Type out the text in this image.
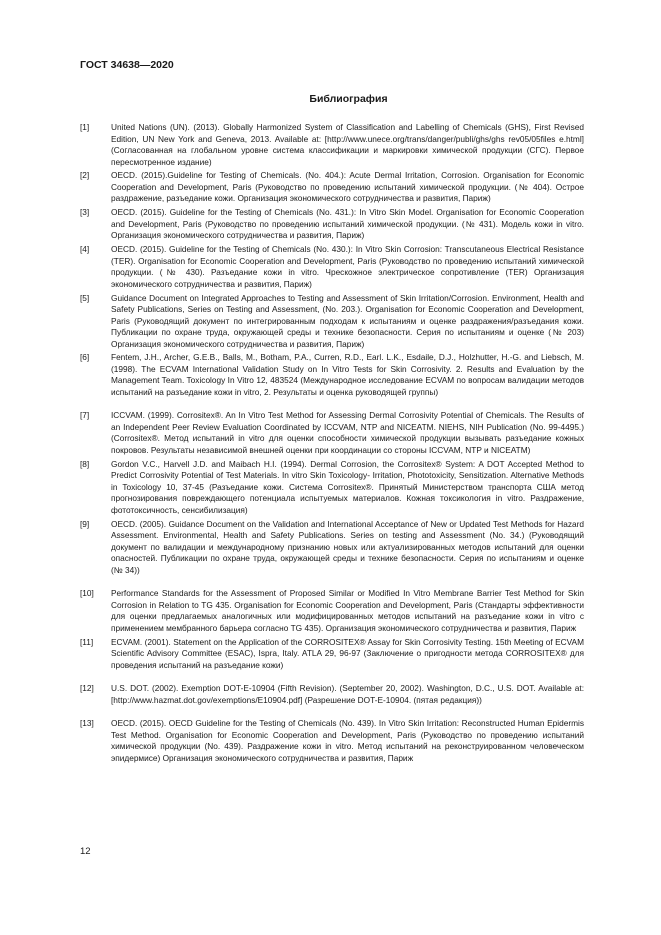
ГОСТ 34638—2020
Библиография
[1]	United Nations (UN). (2013). Globally Harmonized System of Classification and Labelling of Chemicals (GHS), First Revised Edition, UN New York and Geneva, 2013. Available at: [http://www.unece.org/trans/danger/publi/ghs/ghs rev05/05files e.html] (Согласованная на глобальном уровне система классификации и маркировки химической продукции (СГС). Первое пересмотренное издание)
[2]	OECD. (2015).Guideline for Testing of Chemicals. (No. 404.): Acute Dermal Irritation, Corrosion. Organisation for Economic Cooperation and Development, Paris (Руководство по проведению испытаний химической продукции. (№ 404). Острое раздражение, разъедание кожи. Организация экономического сотрудничества и развития, Париж)
[3]	OECD. (2015). Guideline for the Testing of Chemicals (No. 431.): In Vitro Skin Model. Organisation for Economic Cooperation and Development, Paris (Руководство по проведению испытаний химической продукции. (№ 431). Модель кожи in vitro. Организация экономического сотрудничества и развития, Париж)
[4]	OECD. (2015). Guideline for the Testing of Chemicals (No. 430.): In Vitro Skin Corrosion: Transcutaneous Electrical Resistance (TER). Organisation for Economic Cooperation and Development, Paris (Руководство по проведению испытаний химической продукции. (№ 430). Разъедание кожи in vitro. Чрескожное электрическое сопротивление (TER) Организация экономического сотрудничества и развития, Париж)
[5]	Guidance Document on Integrated Approaches to Testing and Assessment of Skin Irritation/Corrosion. Environment, Health and Safety Publications, Series on Testing and Assessment, (No. 203.). Organisation for Economic Cooperation and Development, Paris (Руководящий документ по интегрированным подходам к испытаниям и оценке раздражения/разъедания кожи. Публикации по охране труда, окружающей среды и технике безопасности. Серия по испытаниям и оценке (№ 203) Организация экономического сотрудничества и развития, Париж)
[6]	Fentem, J.H., Archer, G.E.B., Balls, M., Botham, P.A., Curren, R.D., Earl. L.K., Esdaile, D.J., Holzhutter, H.-G. and Liebsch, M. (1998). The ECVAM International Validation Study on In Vitro Tests for Skin Corrosivity. 2. Results and Evaluation by the Management Team. Toxicology In Vitro 12, 483524 (Международное исследование ECVAM по вопросам валидации методов испытаний на разъедание кожи in vitro, 2. Результаты и оценка руководящей группы)
[7]	ICCVAM. (1999). Corrositex®. An In Vitro Test Method for Assessing Dermal Corrosivity Potential of Chemicals. The Results of an Independent Peer Review Evaluation Coordinated by ICCVAM, NTP and NICEATM. NIEHS, NIH Publication (No. 99-4495.) (Corrositex®. Метод испытаний in vitro для оценки способности химической продукции вызывать разъедание кожных покровов. Результаты независимой внешней оценки при координации со стороны ICCVAM, NTP и NICEATM)
[8]	Gordon V.C., Harvell J.D. and Maibach H.I. (1994). Dermal Corrosion, the Corrositex® System: A DOT Accepted Method to Predict Corrosivity Potential of Test Materials. In vitro Skin Toxicology- Irritation, Phototoxicity, Sensitization. Alternative Methods in Toxicology 10, 37-45 (Разъедание кожи. Система Corrositex®. Принятый Министерством транспорта США метод прогнозирования повреждающего потенциала испытуемых материалов. Кожная токсикология in vitro. Раздражение, фототоксичность, сенсибилизация)
[9]	OECD. (2005). Guidance Document on the Validation and International Acceptance of New or Updated Test Methods for Hazard Assessment. Environmental, Health and Safety Publications. Series on testing and Assessment (No. 34.) (Руководящий документ по валидации и международному признанию новых или актуализированных методов испытаний для оценки опасностей. Публикации по охране труда, окружающей среды и технике безопасности. Серия по испытаниям и оценке (№ 34))
[10] Performance Standards for the Assessment of Proposed Similar or Modified In Vitro Membrane Barrier Test Method for Skin Corrosion in Relation to TG 435. Organisation for Economic Cooperation and Development, Paris (Стандарты эффективности для оценки предлагаемых аналогичных или модифицированных методов испытаний на разъедание кожи in vitro с применением мембранного барьера согласно TG 435). Организация экономического сотрудничества и развития, Париж
[11] ECVAM. (2001). Statement on the Application of the CORROSITEX® Assay for Skin Corrosivity Testing. 15th Meeting of ECVAM Scientific Advisory Committee (ESAC), Ispra, Italy. ATLA 29, 96-97 (Заключение о пригодности метода CORROSITEX® для проведения испытаний на разъедание кожи)
[12] U.S. DOT. (2002). Exemption DOT-E-10904 (Fifth Revision). (September 20, 2002). Washington, D.C., U.S. DOT. Available at: [http://www.hazmat.dot.gov/exemptions/E10904.pdf] (Разрешение DOT-E-10904. (пятая редакция))
[13] OECD. (2015). OECD Guideline for the Testing of Chemicals (No. 439). In Vitro Skin Irritation: Reconstructed Human Epidermis Test Method. Organisation for Economic Cooperation and Development, Paris (Руководство по проведению испытаний химической продукции (No. 439). Раздражение кожи in vitro. Метод испытаний на реконструированном человеческом эпидермисе) Организация экономического сотрудничества и развития, Париж
12
